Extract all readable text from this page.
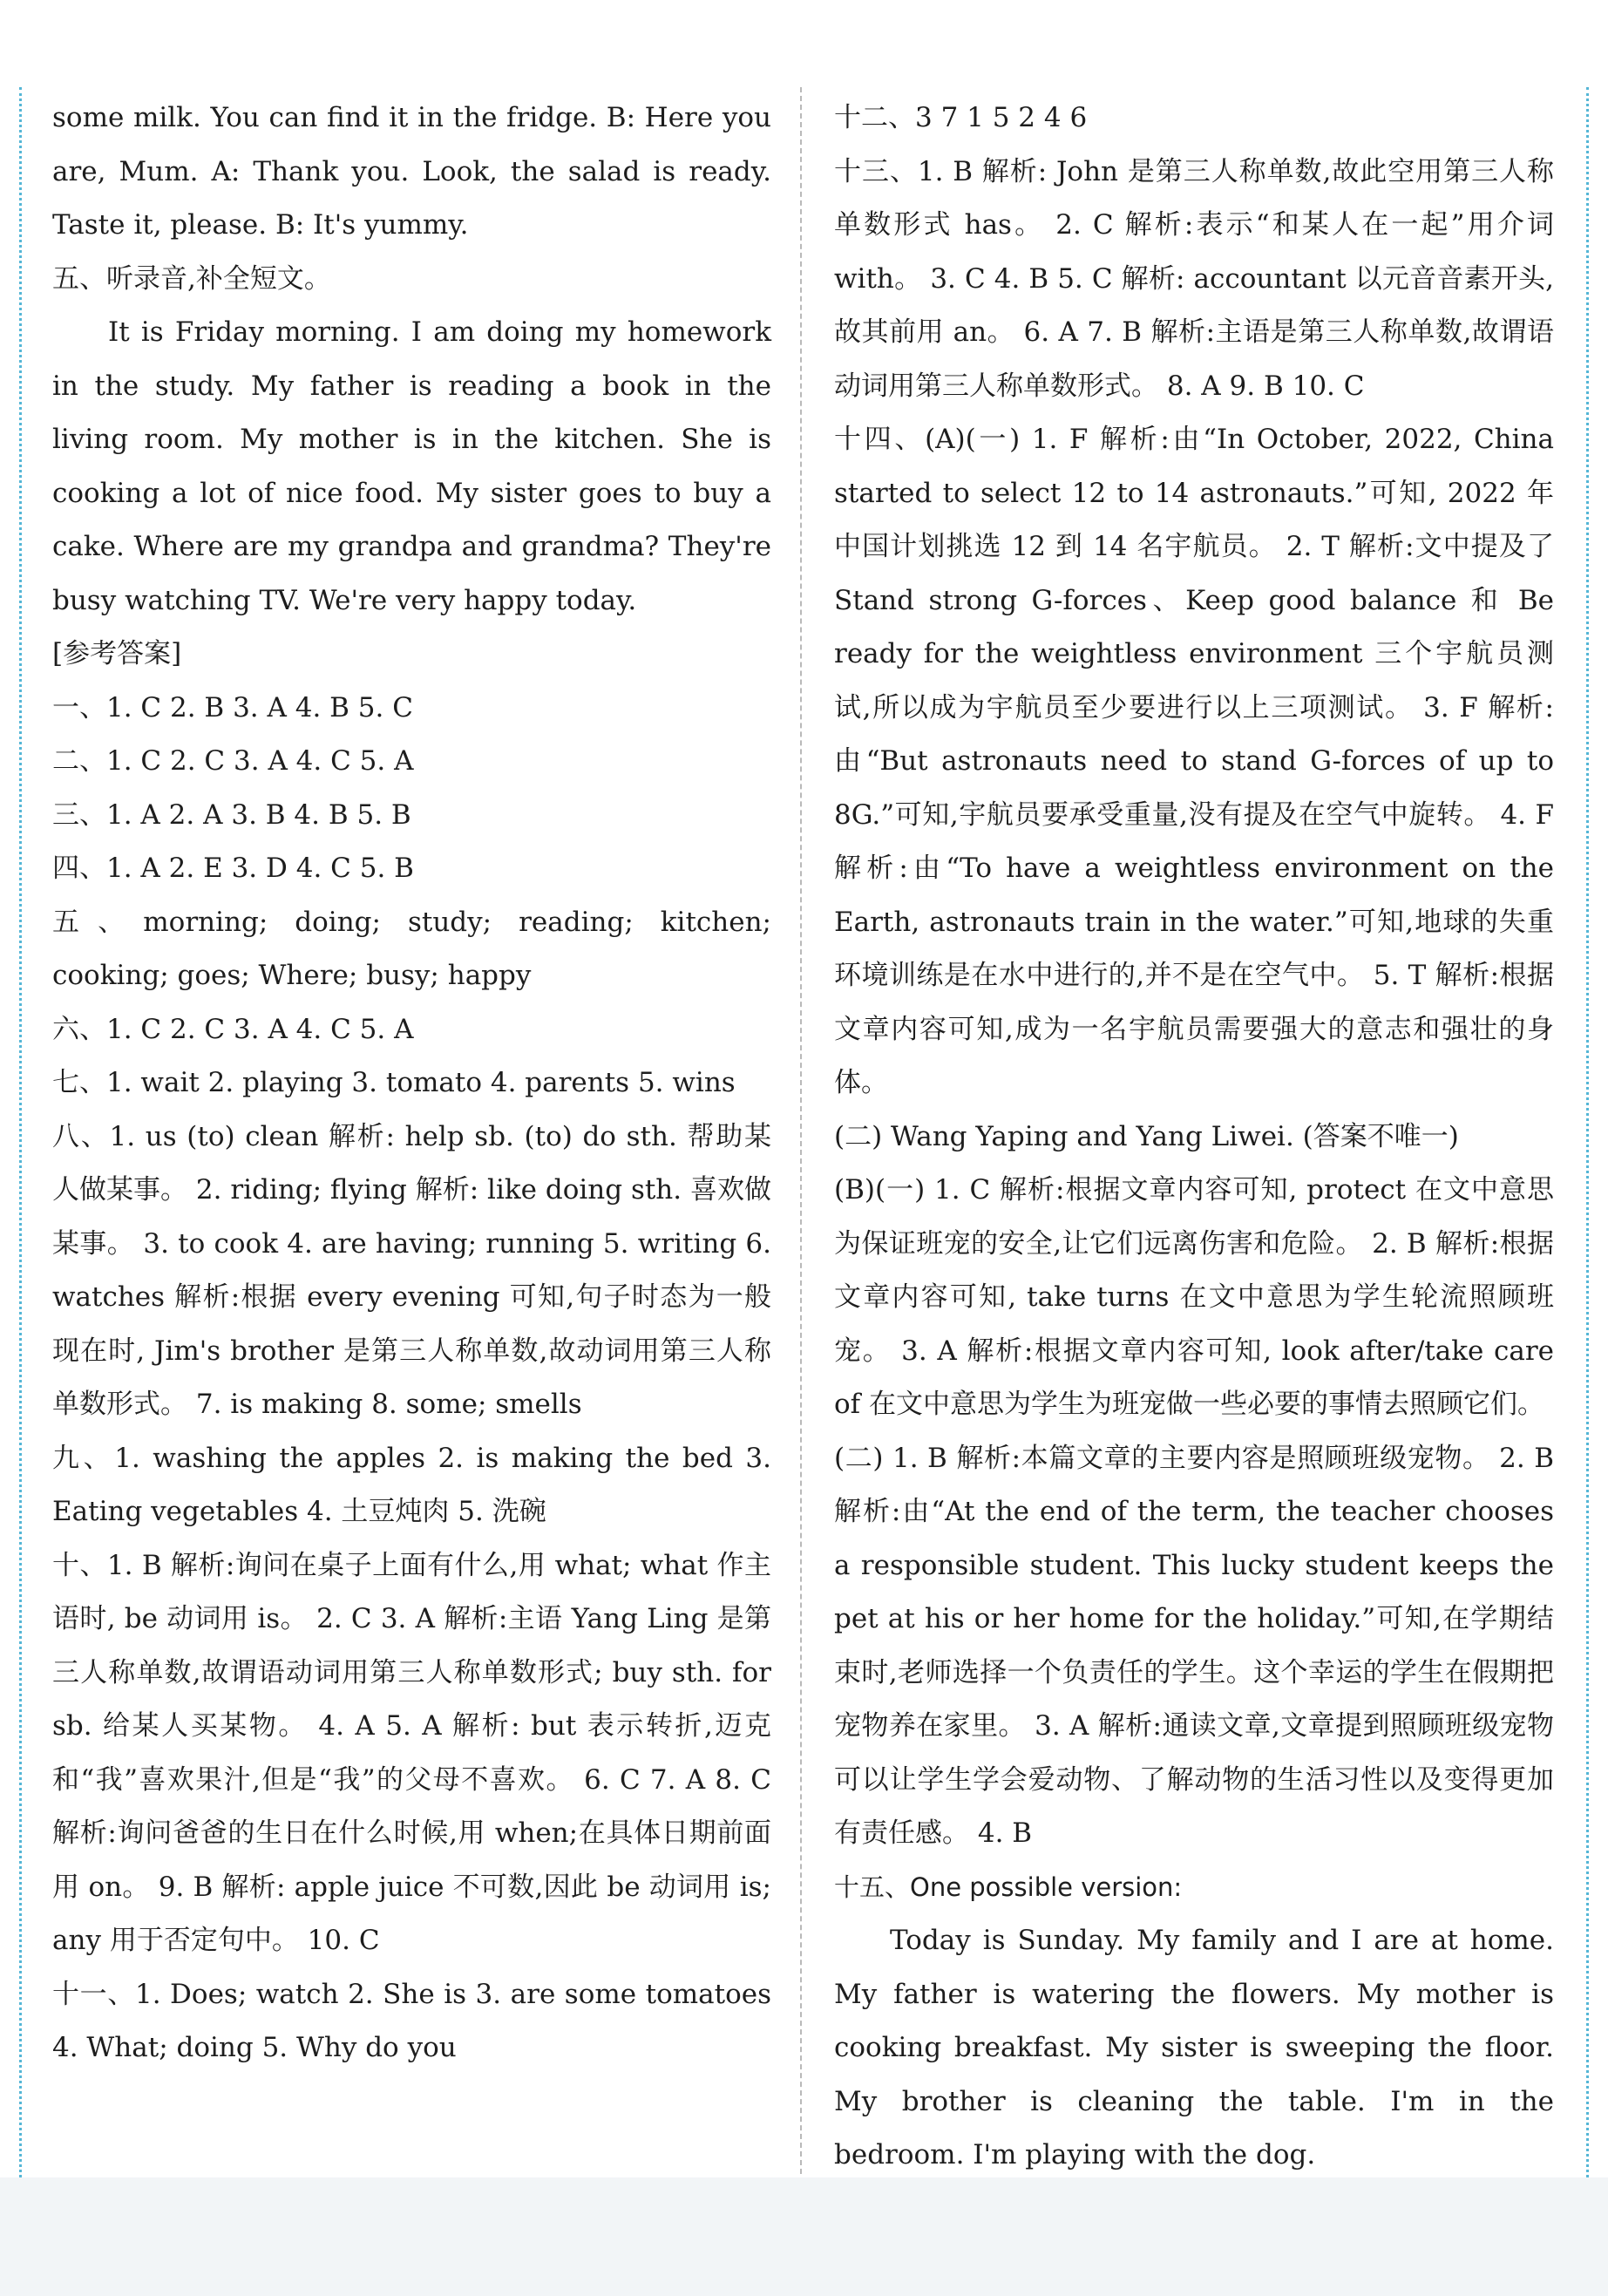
some milk. You can find it in the fridge. B: Here you are, Mum. A: Thank you. Look, the salad is ready. Taste it, please. B: It's yummy.

五、听录音,补全短文。

It is Friday morning. I am doing my homework in the study. My father is reading a book in the living room. My mother is in the kitchen. She is cooking a lot of nice food. My sister goes to buy a cake. Where are my grandpa and grandma? They're busy watching TV. We're very happy today.

[参考答案]

一、1. C 2. B 3. A 4. B 5. C

二、1. C 2. C 3. A 4. C 5. A

三、1. A 2. A 3. B 4. B 5. B

四、1. A 2. E 3. D 4. C 5. B

五、morning; doing; study; reading; kitchen; cooking; goes; Where; busy; happy

六、1. C 2. C 3. A 4. C 5. A

七、1. wait 2. playing 3. tomato 4. parents 5. wins

八、1. us (to) clean 解析: help sb. (to) do sth. 帮助某人做某事。 2. riding; flying 解析: like doing sth. 喜欢做某事。 3. to cook 4. are having; running 5. writing 6. watches 解析:根据 every evening 可知,句子时态为一般现在时, Jim's brother 是第三人称单数,故动词用第三人称单数形式。 7. is making 8. some; smells

九、1. washing the apples 2. is making the bed 3. Eating vegetables 4. 土豆炖肉 5. 洗碗

十、1. B 解析:询问在桌子上面有什么,用 what; what 作主语时, be 动词用 is。 2. C 3. A 解析:主语 Yang Ling 是第三人称单数,故谓语动词用第三人称单数形式; buy sth. for sb. 给某人买某物。 4. A 5. A 解析: but 表示转折,迈克和“我”喜欢果汁,但是“我”的父母不喜欢。 6. C 7. A 8. C 解析:询问爸爸的生日在什么时候,用 when;在具体日期前面用 on。 9. B 解析: apple juice 不可数,因此 be 动词用 is; any 用于否定句中。 10. C

十一、1. Does; watch 2. She is 3. are some tomatoes 4. What; doing 5. Why do you

十二、3 7 1 5 2 4 6

十三、1. B 解析: John 是第三人称单数,故此空用第三人称单数形式 has。 2. C 解析:表示“和某人在一起”用介词 with。 3. C 4. B 5. C 解析: accountant 以元音音素开头,故其前用 an。 6. A 7. B 解析:主语是第三人称单数,故谓语动词用第三人称单数形式。 8. A 9. B 10. C

十四、(A)(一) 1. F 解析:由“In October, 2022, China started to select 12 to 14 astronauts.”可知, 2022 年中国计划挑选 12 到 14 名宇航员。 2. T 解析:文中提及了 Stand strong G-forces、Keep good balance 和 Be ready for the weightless environment 三个宇航员测试,所以成为宇航员至少要进行以上三项测试。 3. F 解析:由“But astronauts need to stand G-forces of up to 8G.”可知,宇航员要承受重量,没有提及在空气中旋转。 4. F 解析:由“To have a weightless environment on the Earth, astronauts train in the water.”可知,地球的失重环境训练是在水中进行的,并不是在空气中。 5. T 解析:根据文章内容可知,成为一名宇航员需要强大的意志和强壮的身体。

(二) Wang Yaping and Yang Liwei. (答案不唯一)

(B)(一) 1. C 解析:根据文章内容可知, protect 在文中意思为保证班宠的安全,让它们远离伤害和危险。 2. B 解析:根据文章内容可知, take turns 在文中意思为学生轮流照顾班宠。 3. A 解析:根据文章内容可知, look after/take care of 在文中意思为学生为班宠做一些必要的事情去照顾它们。

(二) 1. B 解析:本篇文章的主要内容是照顾班级宠物。 2. B 解析:由“At the end of the term, the teacher chooses a responsible student. This lucky student keeps the pet at his or her home for the holiday.”可知,在学期结束时,老师选择一个负责任的学生。这个幸运的学生在假期把宠物养在家里。 3. A 解析:通读文章,文章提到照顾班级宠物可以让学生学会爱动物、了解动物的生活习性以及变得更加有责任感。 4. B

十五、One possible version:

Today is Sunday. My family and I are at home. My father is watering the flowers. My mother is cooking breakfast. My sister is sweeping the floor. My brother is cleaning the table. I'm in the bedroom. I'm playing with the dog.
